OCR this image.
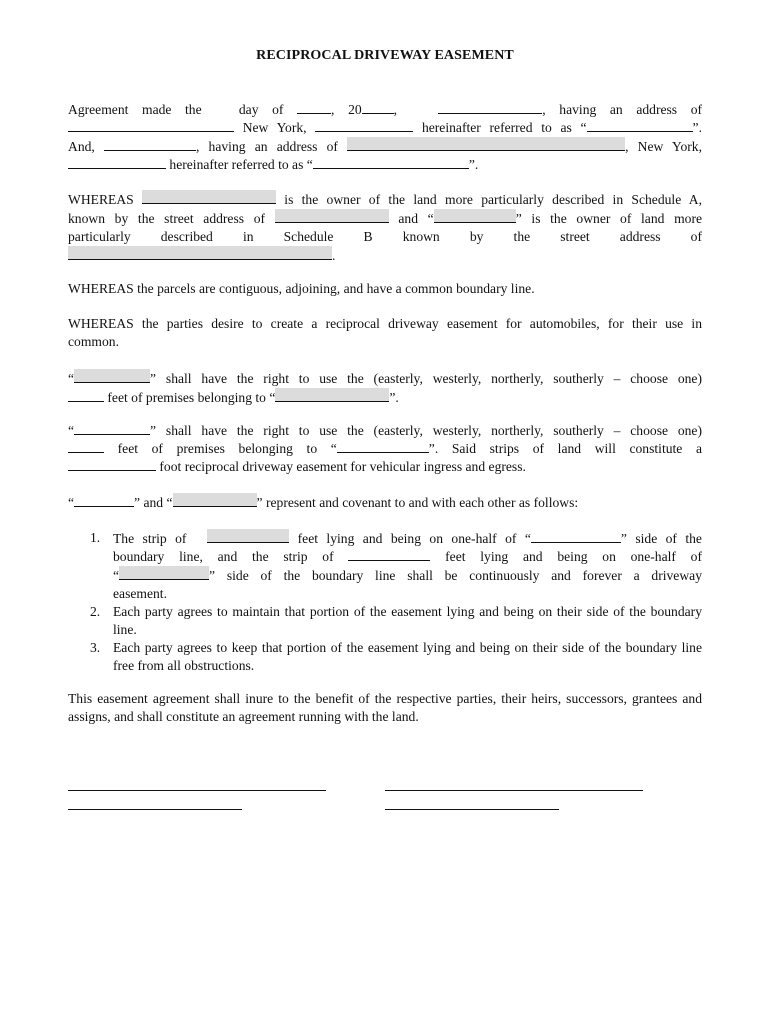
RECIPROCAL DRIVEWAY EASEMENT
Agreement made the	day of	, 20 ,	, having an address of
New York,	hereinafter referred to as “	”.
And,	, having an address of	, New York,
hereinafter referred to as “	”.
WHEREAS	is the owner of the land more particularly described in Schedule A,
known by the street address of	and “	” is the owner of land more
particularly described in Schedule B known by the street address of
.
WHEREAS the parcels are contiguous, adjoining, and have a common boundary line.
WHEREAS the parties desire to create a reciprocal driveway easement for automobiles, for their use in
common.
“	” shall have the right to use the (easterly, westerly, northerly, southerly – choose one)
feet of premises belonging to “	”.
“	” shall have the right to use the (easterly, westerly, northerly, southerly – choose one)
feet of premises belonging to “	”. Said strips of land will constitute a
foot reciprocal driveway easement for vehicular ingress and egress.
“	” and “	” represent and covenant to and with each other as follows:
1. The strip of	feet lying and being on one-half of “	” side of the
boundary line, and the strip of	feet lying and being on one-half of
“	” side of the boundary line shall be continuously and forever a driveway
easement.
2. Each party agrees to maintain that portion of the easement lying and being on their side of the boundary line.
3. Each party agrees to keep that portion of the easement lying and being on their side of the boundary line free from all obstructions.
This easement agreement shall inure to the benefit of the respective parties, their heirs, successors, grantees and assigns, and shall constitute an agreement running with the land.
